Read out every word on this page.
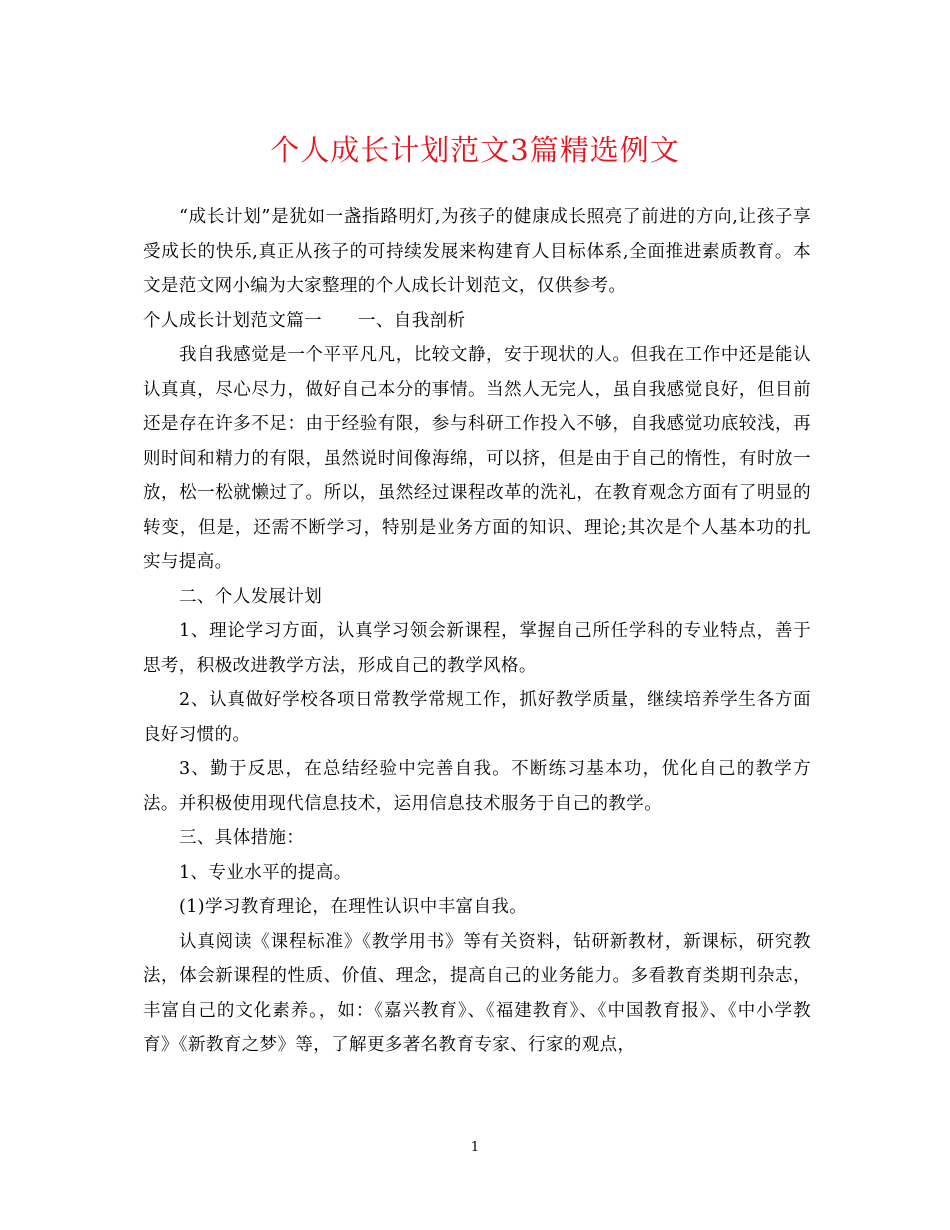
个人成长计划范文3篇精选例文

“成长计划”是犹如一盏指路明灯,为孩子的健康成长照亮了前进的方向,让孩子享受成长的快乐,真正从孩子的可持续发展来构建育人目标体系,全面推进素质教育。本文是范文网小编为大家整理的个人成长计划范文，仅供参考。

个人成长计划范文篇一 一、自我剖析

我自我感觉是一个平平凡凡，比较文静，安于现状的人。但我在工作中还是能认认真真，尽心尽力，做好自己本分的事情。当然人无完人，虽自我感觉良好，但目前还是存在许多不足：由于经验有限，参与科研工作投入不够，自我感觉功底较浅，再则时间和精力的有限，虽然说时间像海绵，可以挤，但是由于自己的惰性，有时放一放，松一松就懒过了。所以，虽然经过课程改革的洗礼，在教育观念方面有了明显的转变，但是，还需不断学习，特别是业务方面的知识、理论;其次是个人基本功的扎实与提高。

二、个人发展计划

1、理论学习方面，认真学习领会新课程，掌握自己所任学科的专业特点，善于思考，积极改进教学方法，形成自己的教学风格。

2、认真做好学校各项日常教学常规工作，抓好教学质量，继续培养学生各方面良好习惯的。

3、勤于反思，在总结经验中完善自我。不断练习基本功，优化自己的教学方法。并积极使用现代信息技术，运用信息技术服务于自己的教学。

三、具体措施：

1、专业水平的提高。

(1)学习教育理论，在理性认识中丰富自我。

认真阅读《课程标准》《教学用书》等有关资料，钻研新教材，新课标，研究教法，体会新课程的性质、价值、理念，提高自己的业务能力。多看教育类期刊杂志，丰富自己的文化素养。，如：《嘉兴教育》、《福建教育》、《中国教育报》、《中小学教育》《新教育之梦》等，了解更多著名教育专家、行家的观点，

1
